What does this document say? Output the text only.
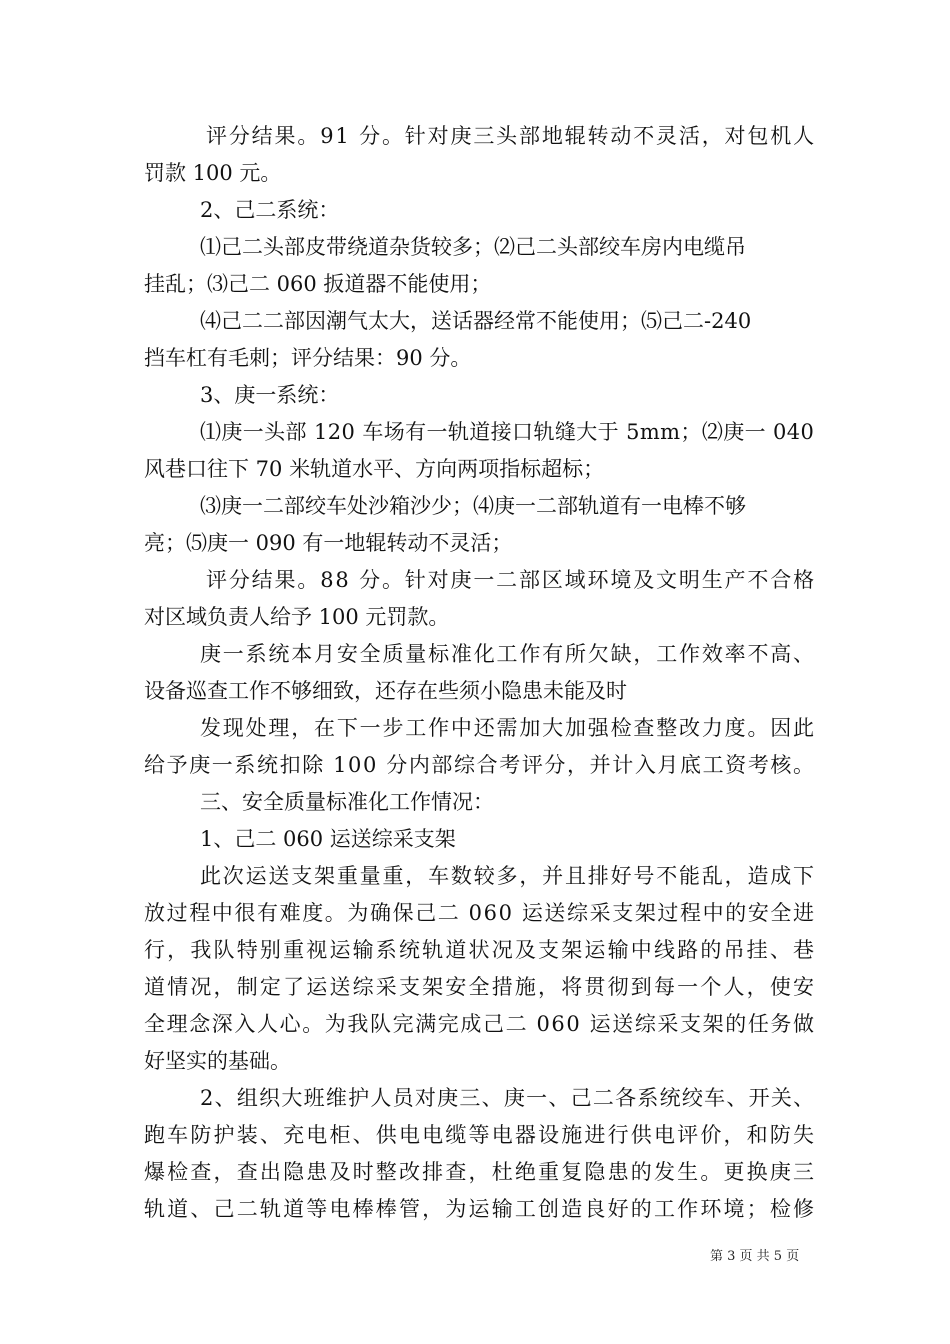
评分结果。91 分。针对庚三头部地辊转动不灵活，对包机人
罚款 100 元。
2、己二系统：
⑴己二头部皮带绕道杂货较多；⑵己二头部绞车房内电缆吊
挂乱；⑶己二 060 扳道器不能使用；
⑷己二二部因潮气太大，送话器经常不能使用；⑸己二-240
挡车杠有毛刺；评分结果：90 分。
3、庚一系统：
⑴庚一头部 120 车场有一轨道接口轨缝大于 5mm；⑵庚一 040
风巷口往下 70 米轨道水平、方向两项指标超标；
⑶庚一二部绞车处沙箱沙少；⑷庚一二部轨道有一电棒不够
亮；⑸庚一 090 有一地辊转动不灵活；
评分结果。88 分。针对庚一二部区域环境及文明生产不合格
对区域负责人给予 100 元罚款。
庚一系统本月安全质量标准化工作有所欠缺，工作效率不高、
设备巡查工作不够细致，还存在些须小隐患未能及时
发现处理，在下一步工作中还需加大加强检查整改力度。因此
给予庚一系统扣除 100 分内部综合考评分，并计入月底工资考核。
三、安全质量标准化工作情况：
1、己二 060 运送综采支架
此次运送支架重量重，车数较多，并且排好号不能乱，造成下
放过程中很有难度。为确保己二 060 运送综采支架过程中的安全进
行，我队特别重视运输系统轨道状况及支架运输中线路的吊挂、巷
道情况，制定了运送综采支架安全措施，将贯彻到每一个人，使安
全理念深入人心。为我队完满完成己二 060 运送综采支架的任务做
好坚实的基础。
2、组织大班维护人员对庚三、庚一、己二各系统绞车、开关、
跑车防护装、充电柜、供电电缆等电器设施进行供电评价，和防失
爆检查，查出隐患及时整改排查，杜绝重复隐患的发生。更换庚三
轨道、己二轨道等电棒棒管，为运输工创造良好的工作环境；检修
第 3 页 共 5 页
